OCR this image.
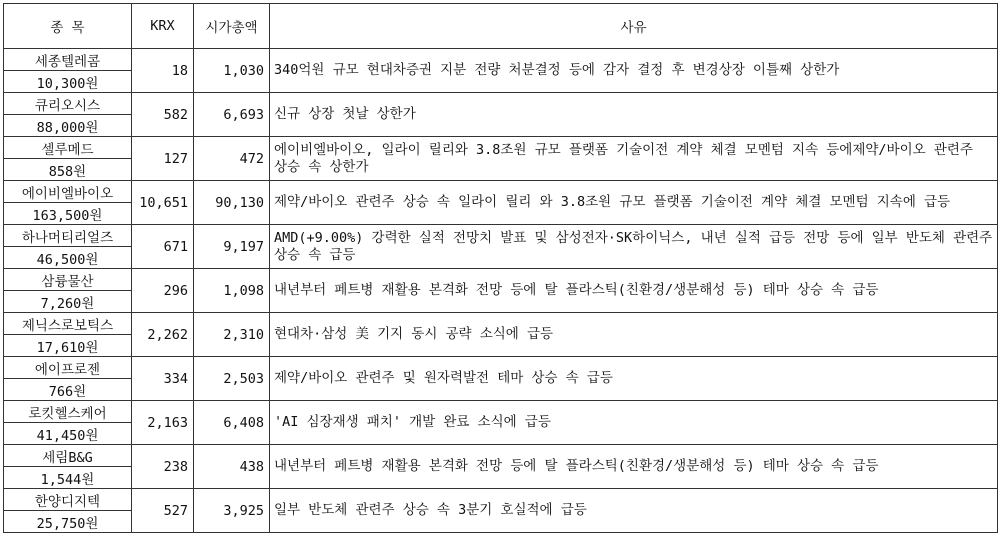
종 목	KRX	시가총액	사유
세종텔레콤	18	1,030	340억원 규모 현대차증권 지분 전량 처분결정 등에 감자 결정 후 변경상장 이틀째 상한가
10,300원			
큐리오시스	582	6,693	신규 상장 첫날 상한가
88,000원			
셀루메드	127	472	에이비엘바이오, 일라이 릴리와 3.8조원 규모 플랫폼 기술이전 계약 체결 모멘텀 지속 등에제약/바이오 관련주 상승 속 상한가
858원			
에이비엘바이오	10,651	90,130	제약/바이오 관련주 상승 속 일라이 릴리 와 3.8조원 규모 플랫폼 기술이전 계약 체결 모멘텀 지속에 급등
163,500원			
하나머티리얼즈	671	9,197	AMD(+9.00%) 강력한 실적 전망치 발표 및 삼성전자·SK하이닉스, 내년 실적 급등 전망 등에 일부 반도체 관련주 상승 속 급등
46,500원			
삼륭물산	296	1,098	내년부터 페트병 재활용 본격화 전망 등에 탈 플라스틱(친환경/생분해성 등) 테마 상승 속 급등
7,260원			
제닉스로보틱스	2,262	2,310	현대차·삼성 美 기지 동시 공략 소식에 급등
17,610원			
에이프로젠	334	2,503	제약/바이오 관련주 및 원자력발전 테마 상승 속 급등
766원			
로킷헬스케어	2,163	6,408	'AI 심장재생 패치' 개발 완료 소식에 급등
41,450원			
세림B&G	238	438	내년부터 페트병 재활용 본격화 전망 등에 탈 플라스틱(친환경/생분해성 등) 테마 상승 속 급등
1,544원			
한양디지텍	527	3,925	일부 반도체 관련주 상승 속 3분기 호실적에 급등
25,750원			
